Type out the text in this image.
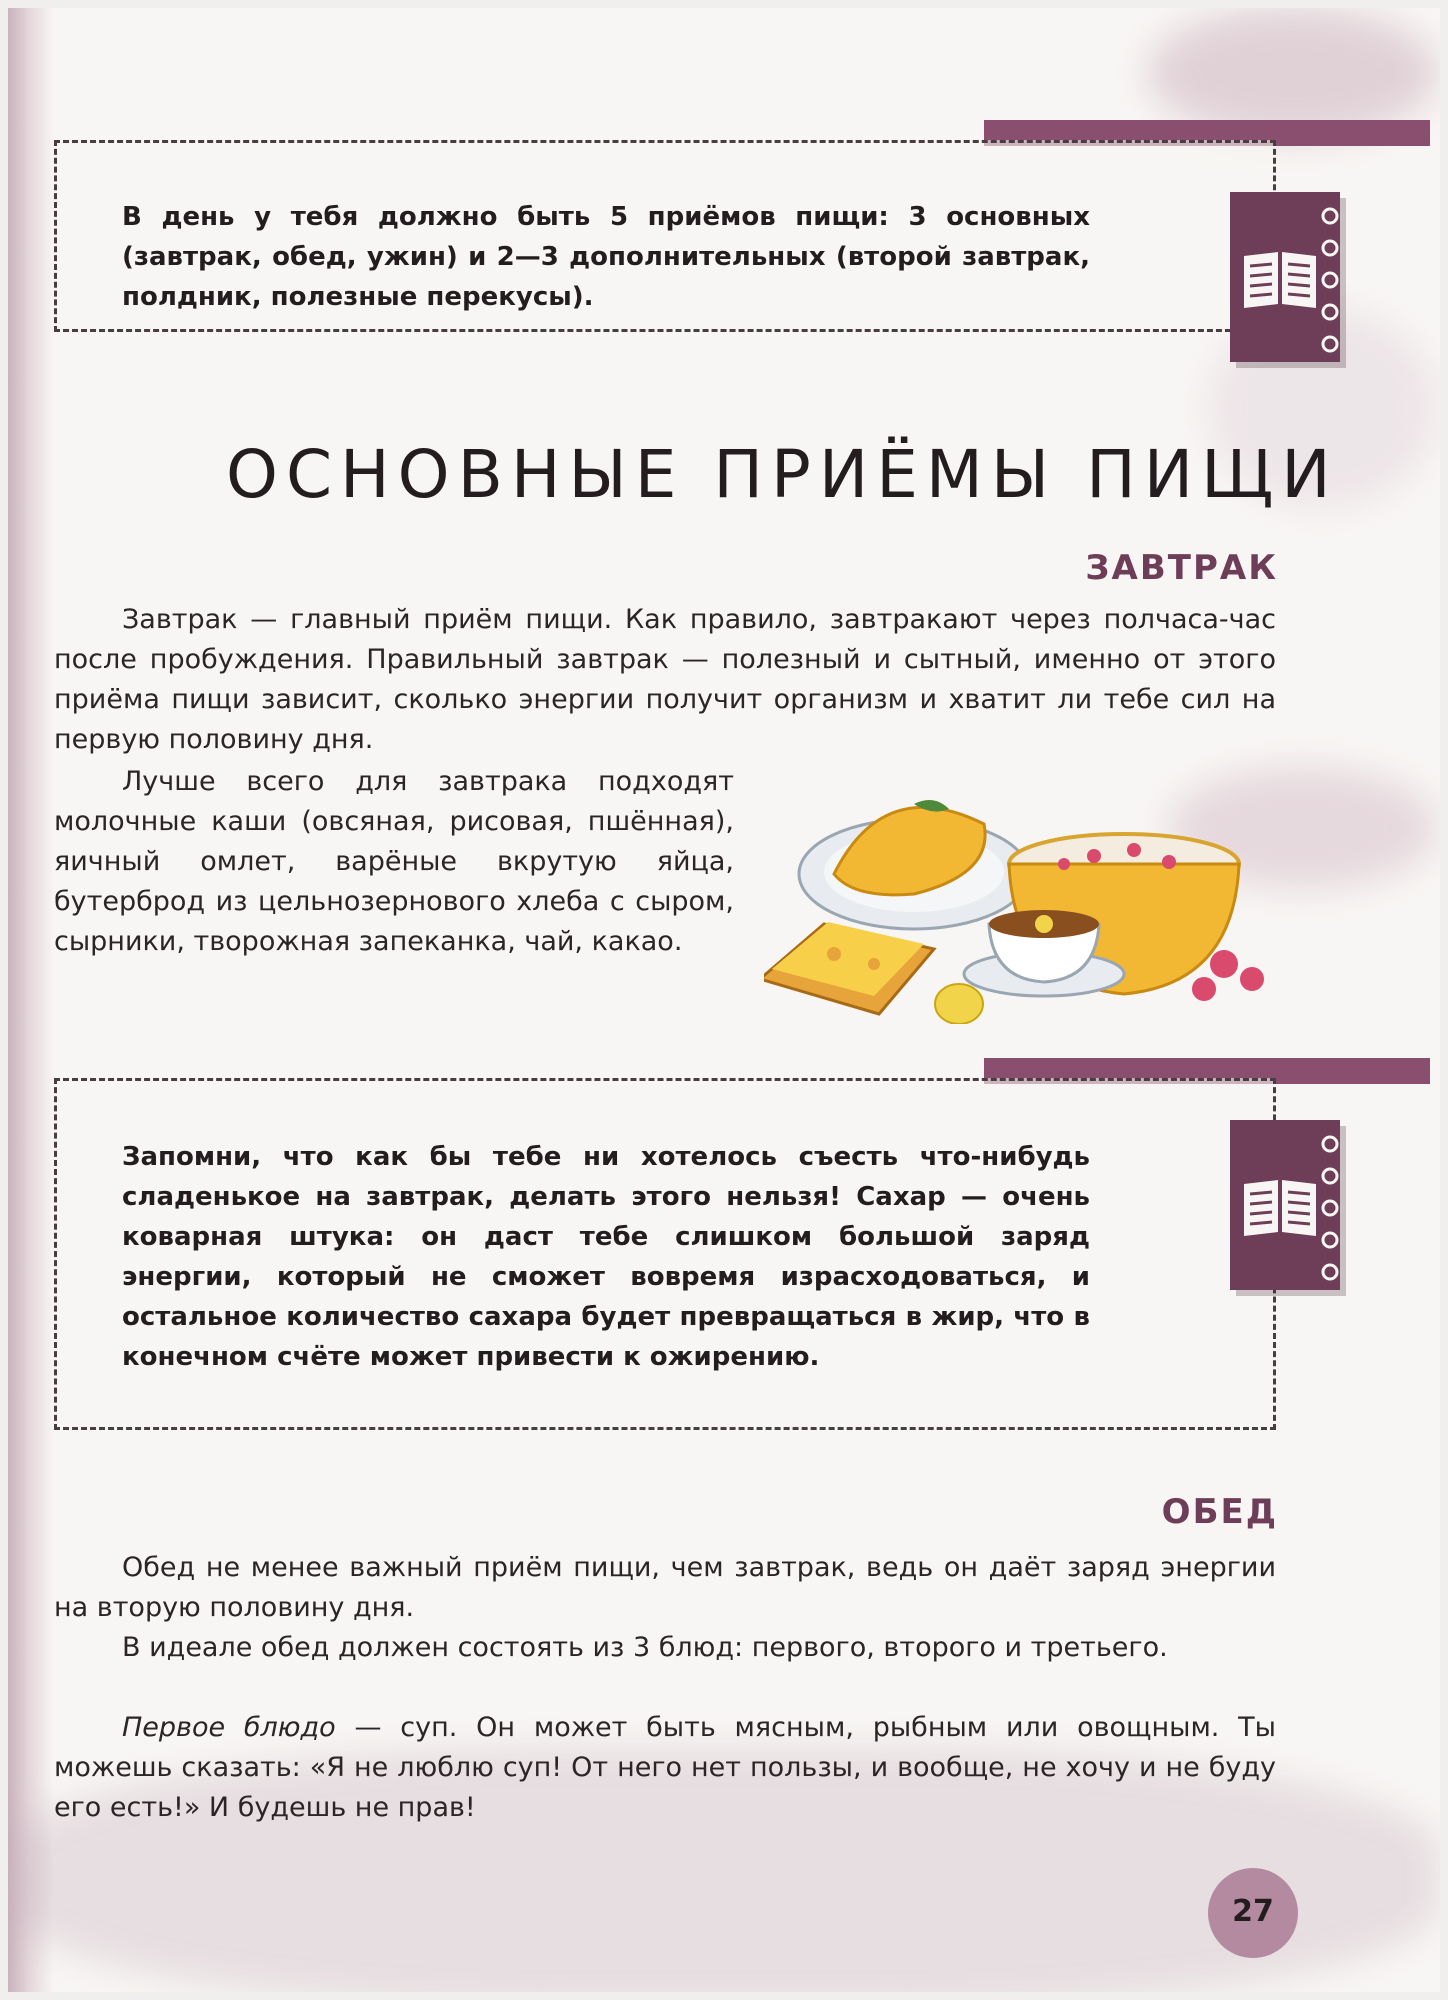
В день у тебя должно быть 5 приёмов пищи: 3 основных (завтрак, обед, ужин) и 2—3 дополнительных (второй завтрак, полдник, полезные перекусы).

ОСНОВНЫЕ ПРИЁМЫ ПИЩИ
ЗАВТРАК

Завтрак — главный приём пищи. Как правило, завтракают через полчаса-час после пробуждения. Правильный завтрак — полезный и сытный, именно от этого приёма пищи зависит, сколько энергии получит организм и хватит ли тебе сил на первую половину дня.

Лучше всего для завтрака подходят молочные каши (овсяная, рисовая, пшённая), яичный омлет, варёные вкрутую яйца, бутерброд из цельнозернового хлеба с сыром, сырники, творожная запеканка, чай, какао.

Запомни, что как бы тебе ни хотелось съесть что-нибудь сладенькое на завтрак, делать этого нельзя! Сахар — очень коварная штука: он даст тебе слишком большой заряд энергии, который не сможет вовремя израсходоваться, и остальное количество сахара будет превращаться в жир, что в конечном счёте может привести к ожирению.

ОБЕД

Обед не менее важный приём пищи, чем завтрак, ведь он даёт заряд энергии на вторую половину дня.

В идеале обед должен состоять из 3 блюд: первого, второго и третьего.

Первое блюдо — суп. Он может быть мясным, рыбным или овощным. Ты можешь сказать: «Я не люблю суп! От него нет пользы, и вообще, не хочу и не буду его есть!» И будешь не прав!

27
